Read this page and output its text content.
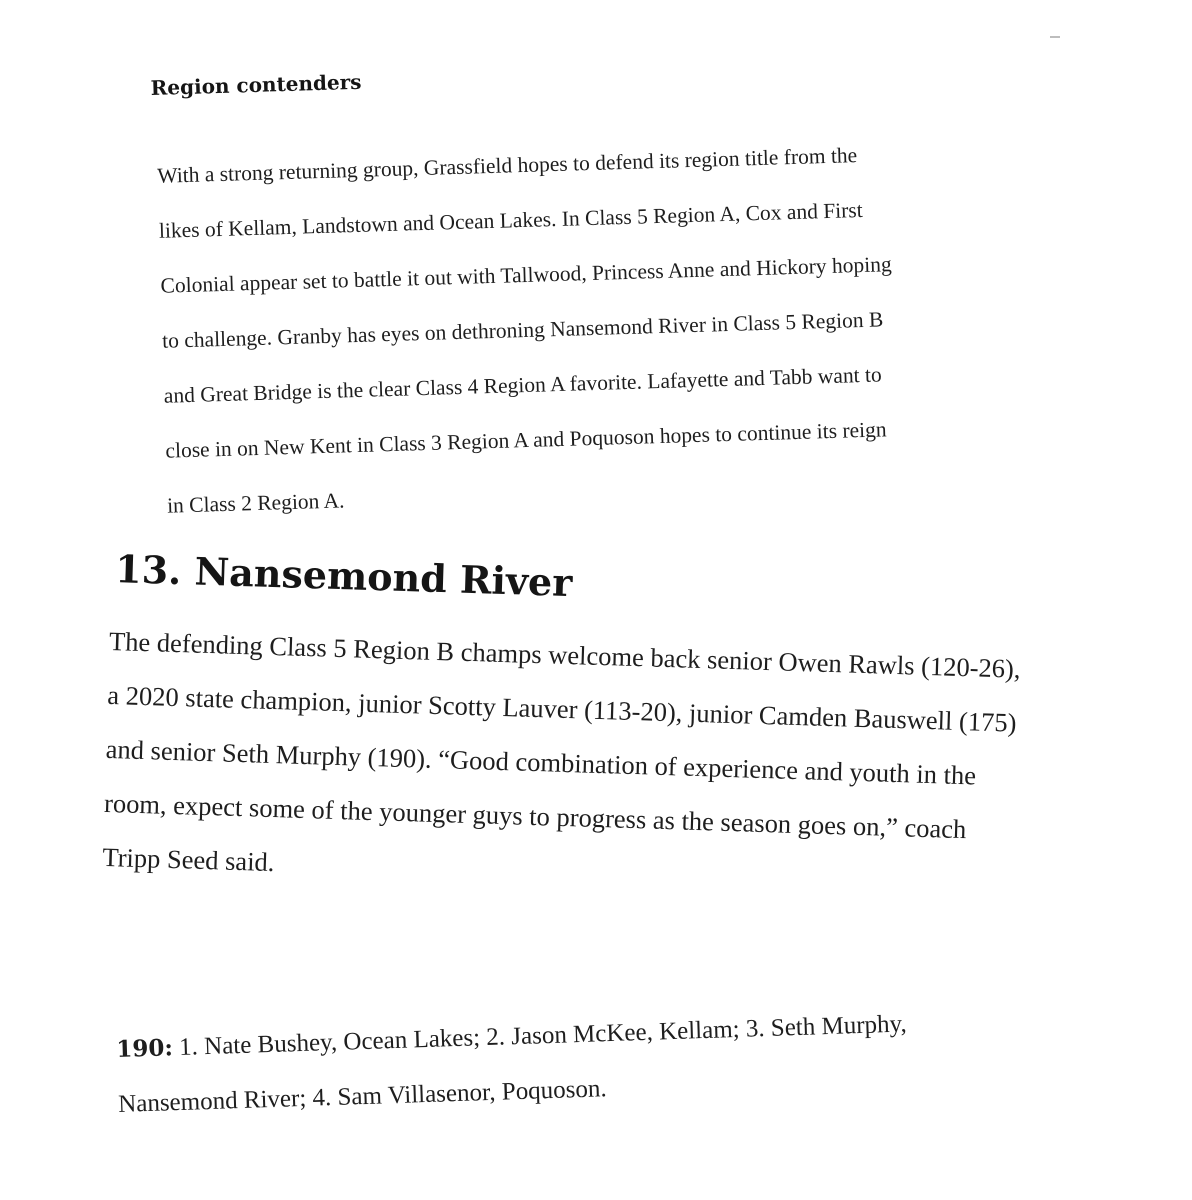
Region contenders

With a strong returning group, Grassfield hopes to defend its region title from the

likes of Kellam, Landstown and Ocean Lakes. In Class 5 Region A, Cox and First

Colonial appear set to battle it out with Tallwood, Princess Anne and Hickory hoping

to challenge. Granby has eyes on dethroning Nansemond River in Class 5 Region B

and Great Bridge is the clear Class 4 Region A favorite. Lafayette and Tabb want to

close in on New Kent in Class 3 Region A and Poquoson hopes to continue its reign

in Class 2 Region A.

13. Nansemond River

The defending Class 5 Region B champs welcome back senior Owen Rawls (120-26),

a 2020 state champion, junior Scotty Lauver (113-20), junior Camden Bauswell (175)

and senior Seth Murphy (190). “Good combination of experience and youth in the

room, expect some of the younger guys to progress as the season goes on,” coach

Tripp Seed said.

190: 1. Nate Bushey, Ocean Lakes; 2. Jason McKee, Kellam; 3. Seth Murphy,

Nansemond River; 4. Sam Villasenor, Poquoson.
